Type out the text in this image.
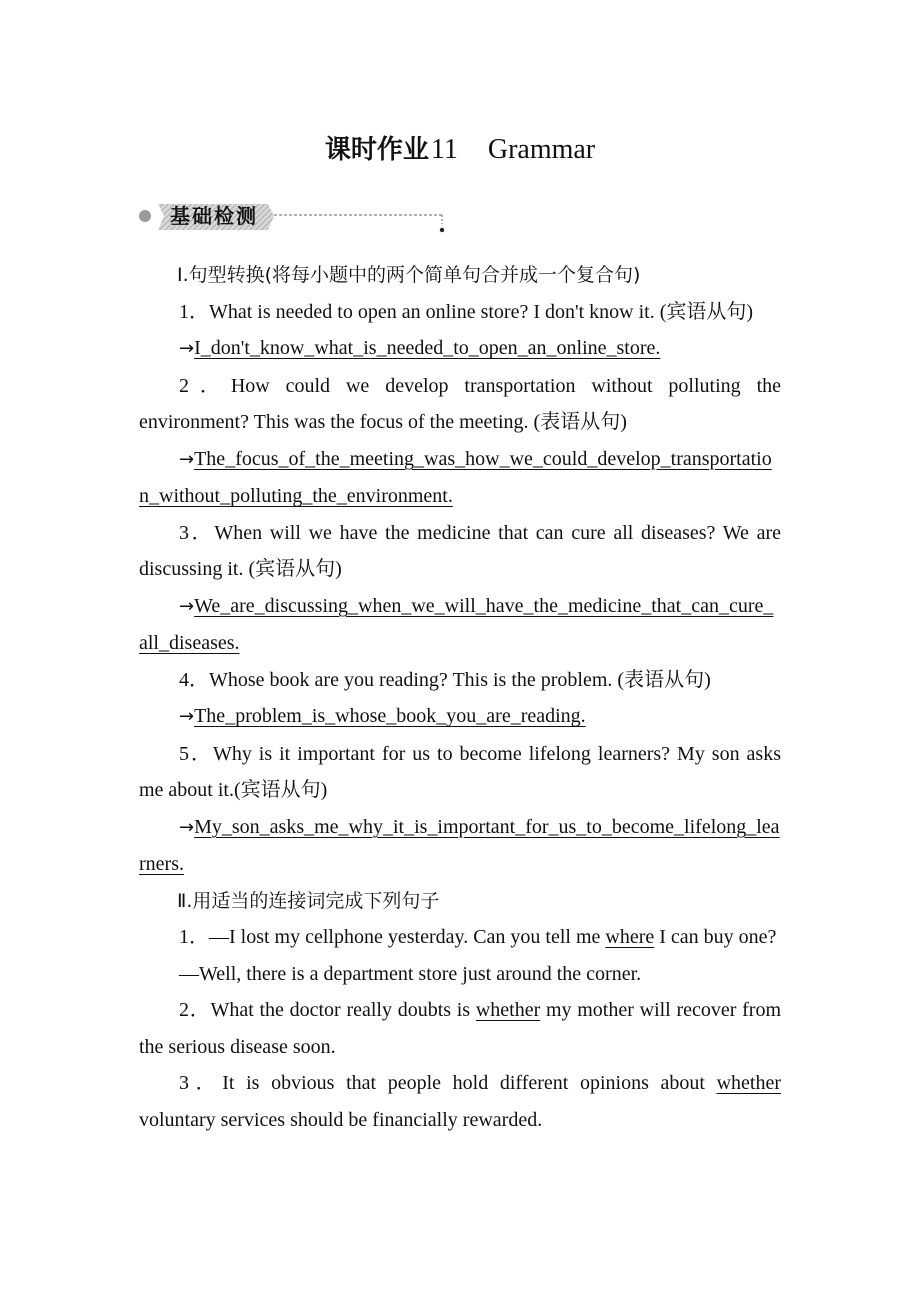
课时作业11 Grammar
基础检测

Ⅰ.句型转换(将每小题中的两个简单句合并成一个复合句)

1．What is needed to open an online store? I don't know it. (宾语从句)

→I_don't_know_what_is_needed_to_open_an_online_store.

2．How could we develop transportation without polluting the environment? This was the focus of the meeting. (表语从句)

→The_focus_of_the_meeting_was_how_we_could_develop_transportation_without_polluting_the_environment.

3．When will we have the medicine that can cure all diseases? We are discussing it. (宾语从句)

→We_are_discussing_when_we_will_have_the_medicine_that_can_cure_all_diseases.

4．Whose book are you reading? This is the problem. (表语从句)

→The_problem_is_whose_book_you_are_reading.

5．Why is it important for us to become lifelong learners? My son asks me about it.(宾语从句)

→My_son_asks_me_why_it_is_important_for_us_to_become_lifelong_learners.

Ⅱ.用适当的连接词完成下列句子

1．—I lost my cellphone yesterday. Can you tell me where I can buy one?

—Well, there is a department store just around the corner.

2．What the doctor really doubts is whether my mother will recover from the serious disease soon.

3．It is obvious that people hold different opinions about whether voluntary services should be financially rewarded.
